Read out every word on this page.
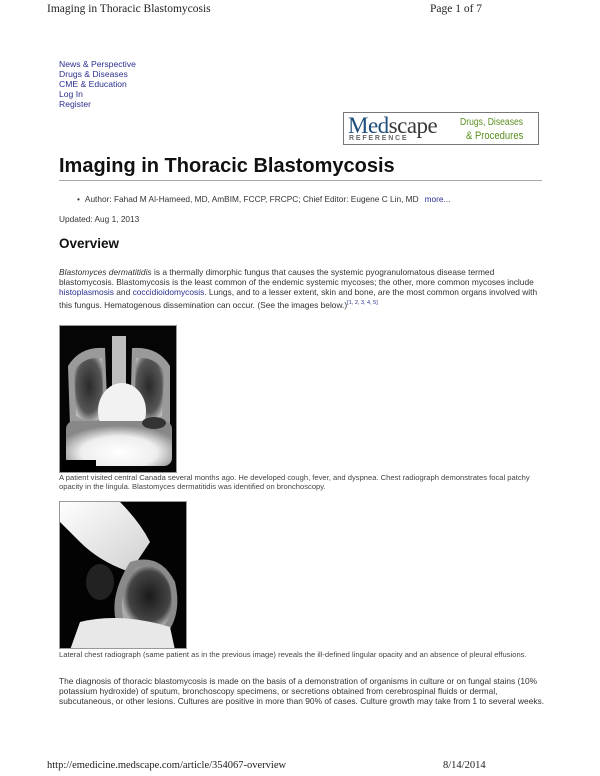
Imaging in Thoracic Blastomycosis	Page 1 of 7
News & Perspective
Drugs & Diseases
CME & Education
Log In
Register
Medscape
REFERENCE
Drugs, Diseases
& Procedures
Imaging in Thoracic Blastomycosis
• Author: Fahad M Al-Hameed, MD, AmBIM, FCCP, FRCPC; Chief Editor: Eugene C Lin, MD more...
Updated: Aug 1, 2013
Overview

Blastomyces dermatitidis is a thermally dimorphic fungus that causes the systemic pyogranulomatous disease termed blastomycosis. Blastomycosis is the least common of the endemic systemic mycoses; the other, more common mycoses include histoplasmosis and coccidioidomycosis. Lungs, and to a lesser extent, skin and bone, are the most common organs involved with this fungus. Hematogenous dissemination can occur. (See the images below.)[1, 2, 3, 4, 5]

A patient visited central Canada several months ago. He developed cough, fever, and dyspnea. Chest radiograph demonstrates focal patchy opacity in the lingula. Blastomyces dermatitidis was identified on bronchoscopy.
Lateral chest radiograph (same patient as in the previous image) reveals the ill-defined lingular opacity and an absence of pleural effusions.

The diagnosis of thoracic blastomycosis is made on the basis of a demonstration of organisms in culture or on fungal stains (10% potassium hydroxide) of sputum, bronchoscopy specimens, or secretions obtained from cerebrospinal fluids or dermal, subcutaneous, or other lesions. Cultures are positive in more than 90% of cases. Culture growth may take from 1 to several weeks.

http://emedicine.medscape.com/article/354067-overview	8/14/2014
